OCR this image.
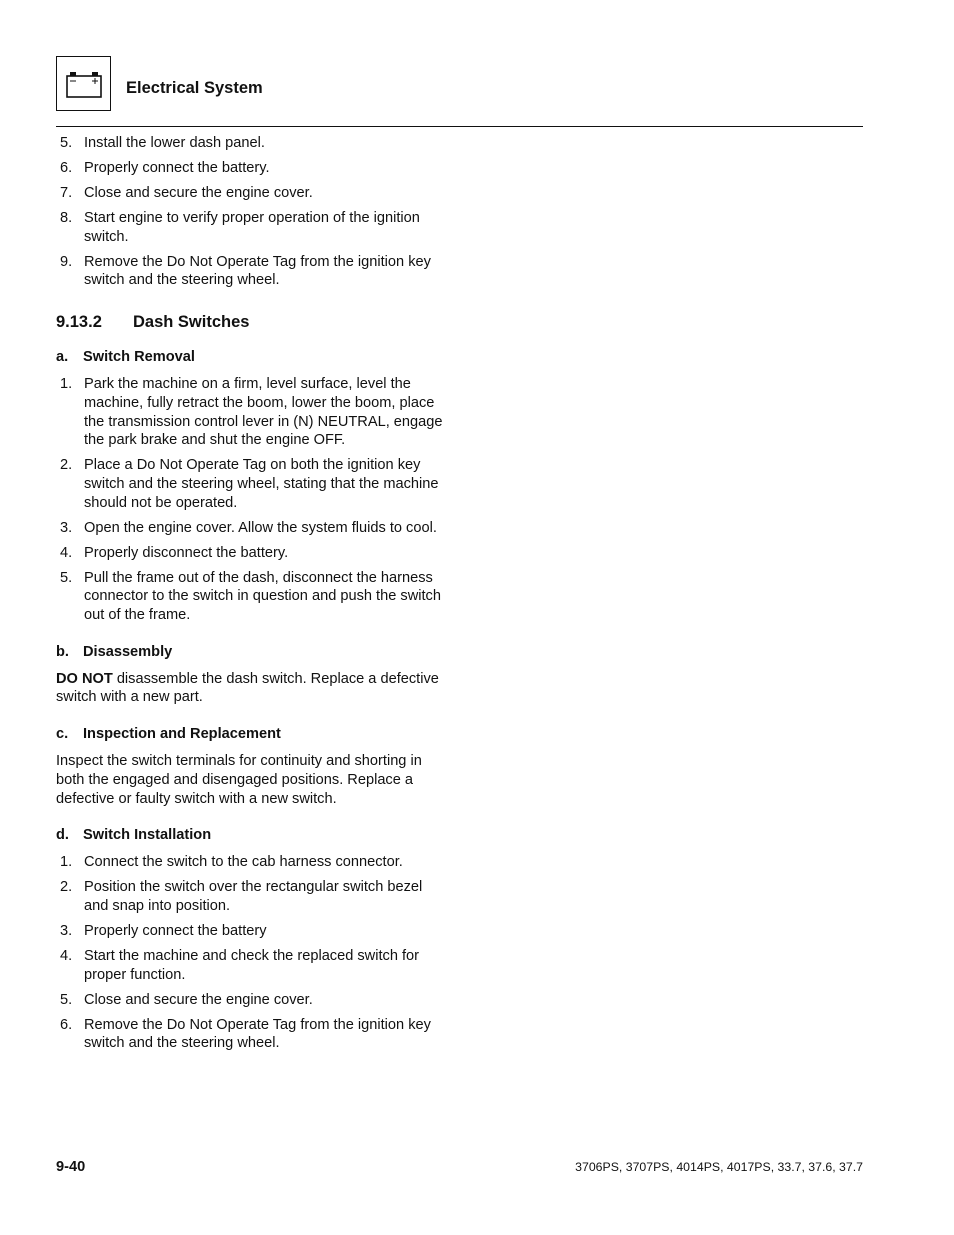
Electrical System
5. Install the lower dash panel.
6. Properly connect the battery.
7. Close and secure the engine cover.
8. Start engine to verify proper operation of the ignition switch.
9. Remove the Do Not Operate Tag from the ignition key switch and the steering wheel.
9.13.2 Dash Switches
a. Switch Removal
1. Park the machine on a firm, level surface, level the machine, fully retract the boom, lower the boom, place the transmission control lever in (N) NEUTRAL, engage the park brake and shut the engine OFF.
2. Place a Do Not Operate Tag on both the ignition key switch and the steering wheel, stating that the machine should not be operated.
3. Open the engine cover. Allow the system fluids to cool.
4. Properly disconnect the battery.
5. Pull the frame out of the dash, disconnect the harness connector to the switch in question and push the switch out of the frame.
b. Disassembly

DO NOT disassemble the dash switch. Replace a defective switch with a new part.

c. Inspection and Replacement

Inspect the switch terminals for continuity and shorting in both the engaged and disengaged positions. Replace a defective or faulty switch with a new switch.

d. Switch Installation
1. Connect the switch to the cab harness connector.
2. Position the switch over the rectangular switch bezel and snap into position.
3. Properly connect the battery
4. Start the machine and check the replaced switch for proper function.
5. Close and secure the engine cover.
6. Remove the Do Not Operate Tag from the ignition key switch and the steering wheel.
9-40	3706PS, 3707PS, 4014PS, 4017PS, 33.7, 37.6, 37.7
